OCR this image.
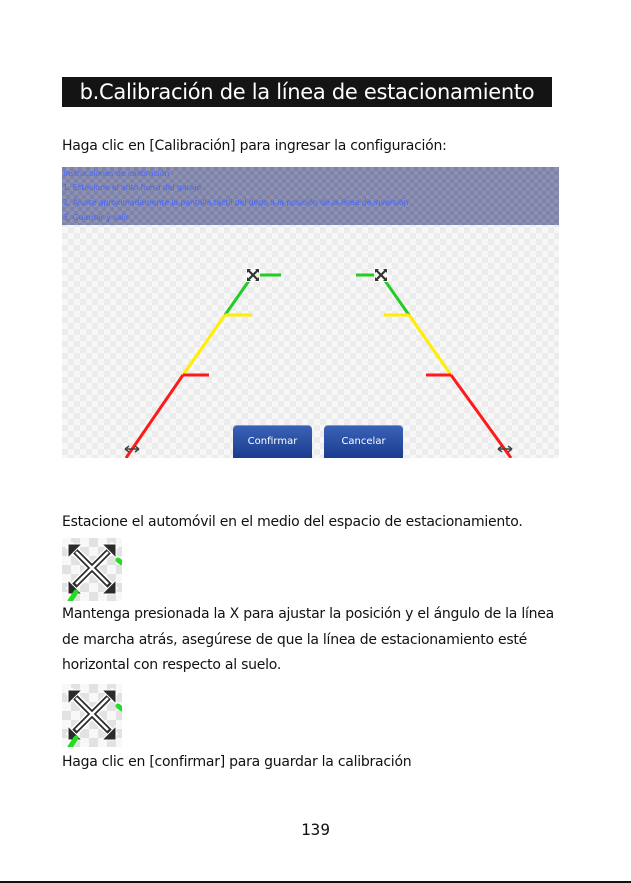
b.Calibración de la línea de estacionamiento
Haga clic en [Calibración] para ingresar la configuración:
Instrucciones de calibración
1. Estacione el auto fuera del garaje
2. Ajuste aproximadamente la pantalla táctil del dedo a la posición de la línea de inversión
3. Guardar y salir
Confirmar	Cancelar
Estacione el automóvil en el medio del espacio de estacionamiento.
Mantenga presionada la X para ajustar la posición y el ángulo de la línea
de marcha atrás, asegúrese de que la línea de estacionamiento esté
horizontal con respecto al suelo.
Haga clic en [confirmar] para guardar la calibración
139
